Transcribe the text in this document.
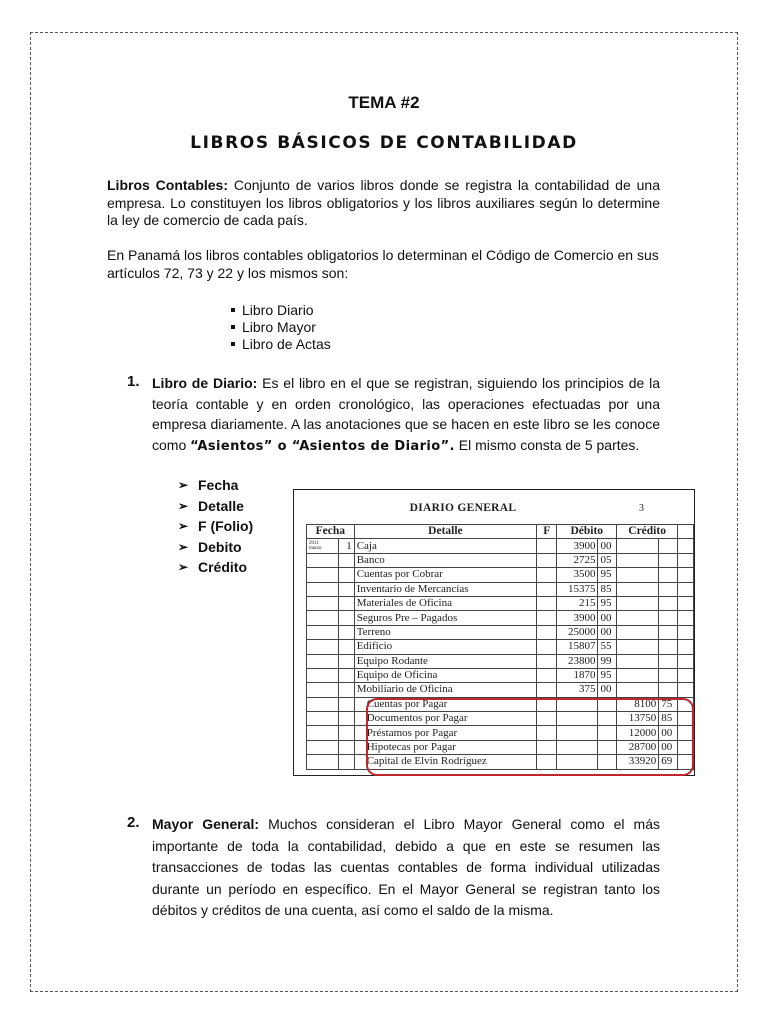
TEMA #2
LIBROS BÁSICOS DE CONTABILIDAD

Libros Contables: Conjunto de varios libros donde se registra la contabilidad de una empresa. Lo constituyen los libros obligatorios y los libros auxiliares según lo determine la ley de comercio de cada país.

En Panamá los libros contables obligatorios lo determinan el Código de Comercio en sus artículos 72, 73 y 22 y los mismos son:

Libro Diario
Libro Mayor
Libro de Actas
1. Libro de Diario: Es el libro en el que se registran, siguiendo los principios de la teoría contable y en orden cronológico, las operaciones efectuadas por una empresa diariamente. A las anotaciones que se hacen en este libro se les conoce como “Asientos” o “Asientos de Diario”. El mismo consta de 5 partes.

➢ Fecha
➢ Detalle
➢ F (Folio)
➢ Debito
➢ Crédito
DIARIO GENERAL	3
Fecha		Detalle	F	Débito		Crédito		

2011
marzo	1	Caja		3900	00			
		Banco		2725	05			
		Cuentas por Cobrar		3500	95			
		Inventario de Mercancías		15375	85			
		Materiales de Oficina		215	95			
		Seguros Pre – Pagados		3900	00			
		Terreno		25000	00			
		Edificio		15807	55			
		Equipo Rodante		23800	99			
		Equipo de Oficina		1870	95			
		Mobiliario de Oficina		375	00			
		Cuentas por Pagar				8100	75	
		Documentos por Pagar				13750	85	
		Préstamos por Pagar				12000	00	
		Hipotecas por Pagar				28700	00	
		Capital de Elvin Rodríguez				33920	69	
2. Mayor General: Muchos consideran el Libro Mayor General como el más importante de toda la contabilidad, debido a que en este se resumen las transacciones de todas las cuentas contables de forma individual utilizadas durante un período en específico. En el Mayor General se registran tanto los débitos y créditos de una cuenta, así como el saldo de la misma.
